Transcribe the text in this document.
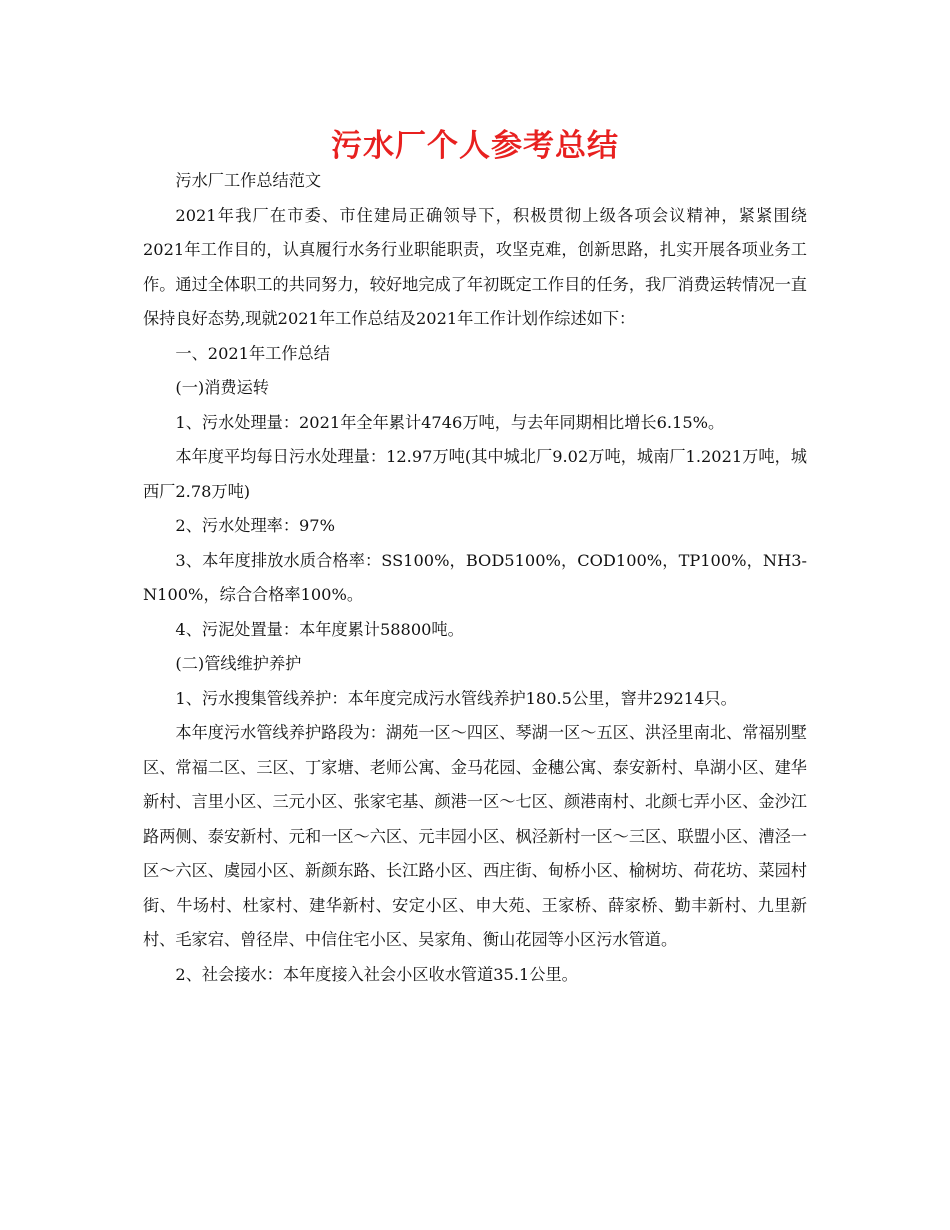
污水厂个人参考总结

污水厂工作总结范文

2021年我厂在市委、市住建局正确领导下，积极贯彻上级各项会议精神，紧紧围绕2021年工作目的，认真履行水务行业职能职责，攻坚克难，创新思路，扎实开展各项业务工作。通过全体职工的共同努力，较好地完成了年初既定工作目的任务，我厂消费运转情况一直保持良好态势,现就2021年工作总结及2021年工作计划作综述如下：

一、2021年工作总结

(一)消费运转

1、污水处理量：2021年全年累计4746万吨，与去年同期相比增长6.15%。

本年度平均每日污水处理量：12.97万吨(其中城北厂9.02万吨，城南厂1.2021万吨，城西厂2.78万吨)

2、污水处理率：97%

3、本年度排放水质合格率：SS100%，BOD5100%，COD100%，TP100%，NH3-N100%，综合合格率100%。

4、污泥处置量：本年度累计58800吨。

(二)管线维护养护

1、污水搜集管线养护：本年度完成污水管线养护180.5公里，窨井29214只。

本年度污水管线养护路段为：湖苑一区～四区、琴湖一区～五区、洪泾里南北、常福别墅区、常福二区、三区、丁家塘、老师公寓、金马花园、金穗公寓、泰安新村、阜湖小区、建华新村、言里小区、三元小区、张家宅基、颜港一区～七区、颜港南村、北颜七弄小区、金沙江路两侧、泰安新村、元和一区～六区、元丰园小区、枫泾新村一区～三区、联盟小区、漕泾一区～六区、虞园小区、新颜东路、长江路小区、西庄街、甸桥小区、榆树坊、荷花坊、菜园村街、牛场村、杜家村、建华新村、安定小区、申大苑、王家桥、薛家桥、勤丰新村、九里新村、毛家宕、曾径岸、中信住宅小区、吴家角、衡山花园等小区污水管道。

2、社会接水：本年度接入社会小区收水管道35.1公里。
